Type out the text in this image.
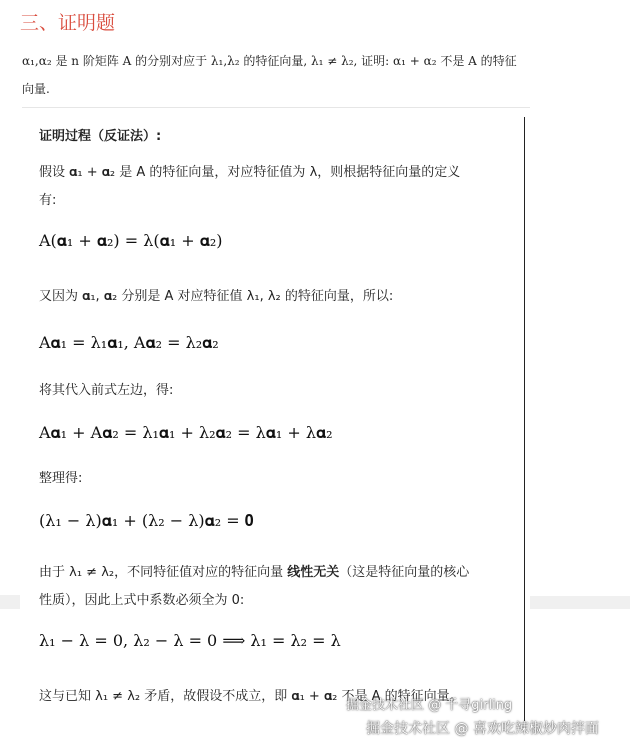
三、证明题
α₁,α₂ 是 n 阶矩阵 A 的分别对应于 λ₁,λ₂ 的特征向量, λ₁ ≠ λ₂, 证明: α₁ + α₂ 不是 A 的特征
向量.
证明过程（反证法）:
假设 𝛂₁ + 𝛂₂ 是 A 的特征向量，对应特征值为 λ，则根据特征向量的定义
有:
A(𝛂₁ + 𝛂₂) = λ(𝛂₁ + 𝛂₂)
又因为 𝛂₁, 𝛂₂ 分别是 A 对应特征值 λ₁, λ₂ 的特征向量，所以:
A𝛂₁ = λ₁𝛂₁, A𝛂₂ = λ₂𝛂₂
将其代入前式左边，得:
A𝛂₁ + A𝛂₂ = λ₁𝛂₁ + λ₂𝛂₂ = λ𝛂₁ + λ𝛂₂
整理得:
(λ₁ − λ)𝛂₁ + (λ₂ − λ)𝛂₂ = 𝟎
由于 λ₁ ≠ λ₂，不同特征值对应的特征向量 线性无关（这是特征向量的核心
性质），因此上式中系数必须全为 0:
λ₁ − λ = 0, λ₂ − λ = 0 ⟹ λ₁ = λ₂ = λ
这与已知 λ₁ ≠ λ₂ 矛盾，故假设不成立，即 𝛂₁ + 𝛂₂ 不是 A 的特征向量。
掘金技术社区 @ 千寻girling
掘金技术社区 @ 喜欢吃辣椒炒肉拌面
